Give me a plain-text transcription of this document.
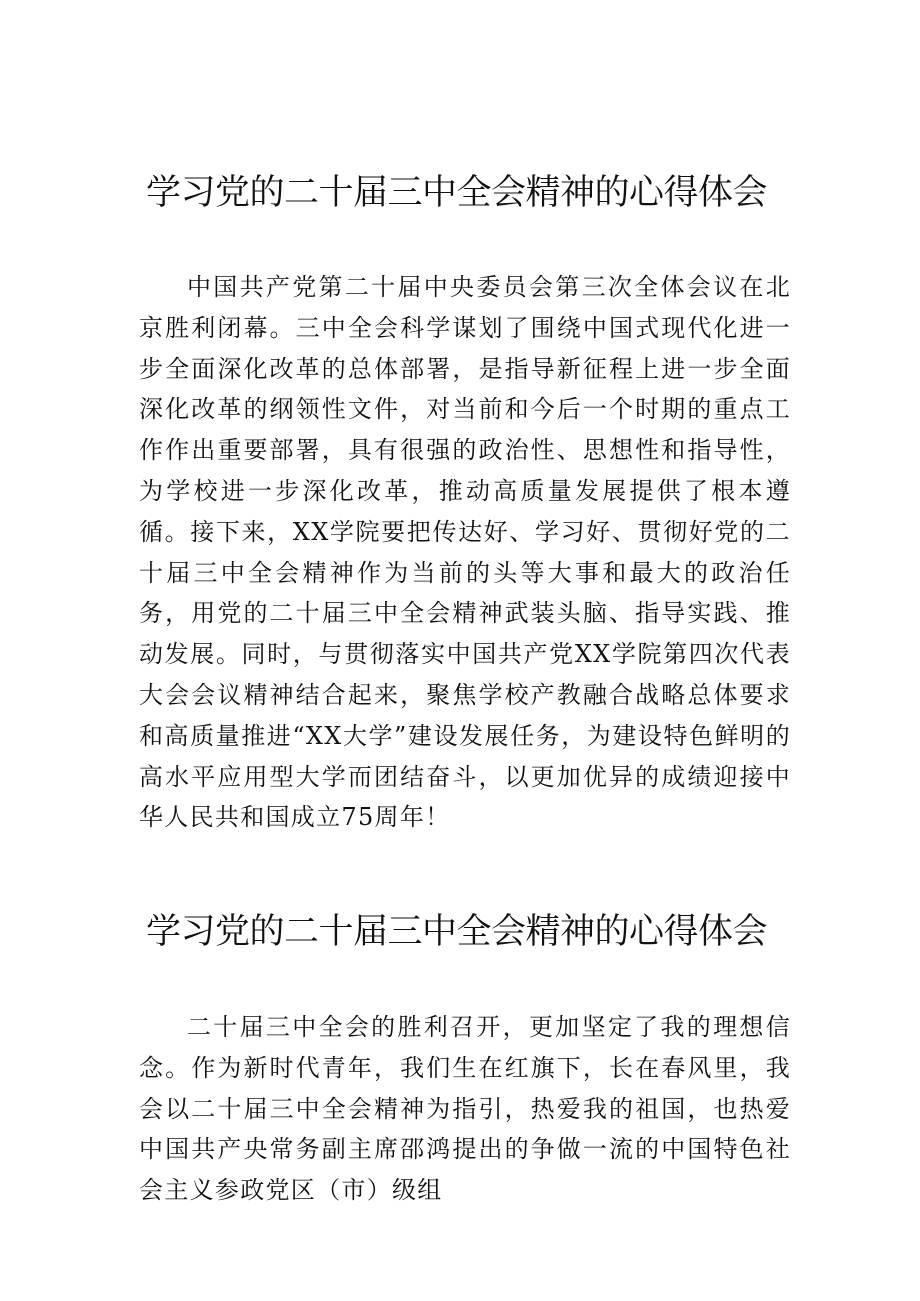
学习党的二十届三中全会精神的心得体会

中国共产党第二十届中央委员会第三次全体会议在北京胜利闭幕。三中全会科学谋划了围绕中国式现代化进一步全面深化改革的总体部署，是指导新征程上进一步全面深化改革的纲领性文件，对当前和今后一个时期的重点工作作出重要部署，具有很强的政治性、思想性和指导性，为学校进一步深化改革，推动高质量发展提供了根本遵循。接下来，XX学院要把传达好、学习好、贯彻好党的二十届三中全会精神作为当前的头等大事和最大的政治任务，用党的二十届三中全会精神武装头脑、指导实践、推动发展。同时，与贯彻落实中国共产党XX学院第四次代表大会会议精神结合起来，聚焦学校产教融合战略总体要求和高质量推进“XX大学”建设发展任务，为建设特色鲜明的高水平应用型大学而团结奋斗，以更加优异的成绩迎接中华人民共和国成立75周年！

学习党的二十届三中全会精神的心得体会

二十届三中全会的胜利召开，更加坚定了我的理想信念。作为新时代青年，我们生在红旗下，长在春风里，我会以二十届三中全会精神为指引，热爱我的祖国，也热爱中国共产央常务副主席邵鸿提出的争做一流的中国特色社会主义参政党区（市）级组
